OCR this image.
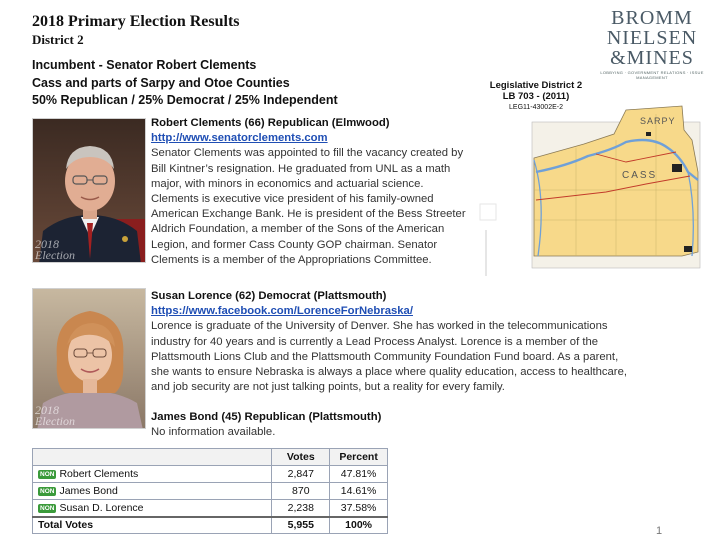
2018 Primary Election Results
District 2
BROMM
NIELSEN
&MINES
LOBBYING · GOVERNMENT RELATIONS · ISSUE MANAGEMENT
Incumbent - Senator Robert Clements
Cass and parts of Sarpy and Otoe Counties
50% Republican / 25% Democrat / 25% Independent
2018
Election
Robert Clements (66) Republican (Elmwood)
http://www.senatorclements.com
Senator Clements was appointed to fill the vacancy created by
Bill Kintner’s resignation. He graduated from UNL as a math
major, with minors in economics and actuarial science.
Clements is executive vice president of his family-owned
American Exchange Bank. He is president of the Bess Streeter
Aldrich Foundation, a member of the Sons of the American
Legion, and former Cass County GOP chairman. Senator
Clements is a member of the Appropriations Committee.
Legislative District 2
LB 703 - (2011)
LEG11-43002E-2
SARPY
CASS
2018
Election
Susan Lorence (62) Democrat (Plattsmouth)
https://www.facebook.com/LorenceForNebraska/
Lorence is graduate of the University of Denver. She has worked in the telecommunications
industry for 40 years and is currently a Lead Process Analyst. Lorence is a member of the
Plattsmouth Lions Club and the Plattsmouth Community Foundation Fund board. As a parent,
she wants to ensure Nebraska is always a place where quality education, access to healthcare,
and job security are not just talking points, but a reality for every family.
James Bond (45) Republican (Plattsmouth)
No information available.
	Votes	Percent
NON Robert Clements	2,847	47.81%
NON James Bond	870	14.61%
NON Susan D. Lorence	2,238	37.58%
Total Votes	5,955	100%	1
